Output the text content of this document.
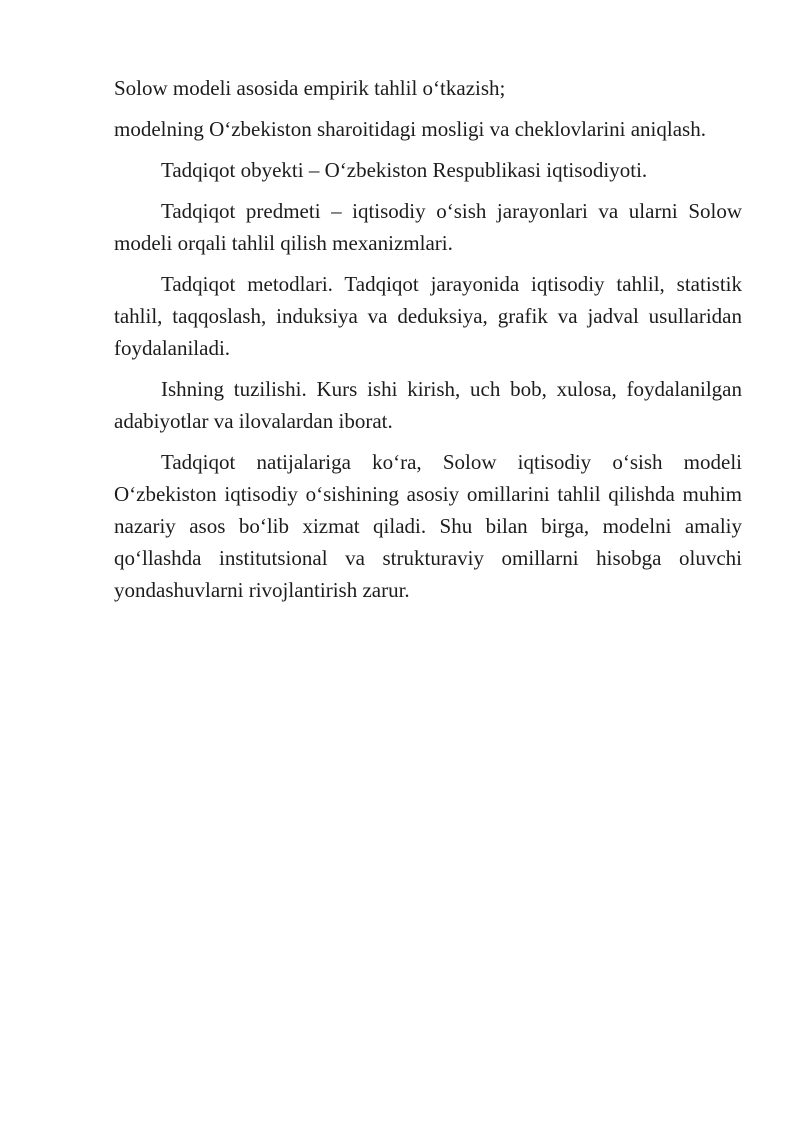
Solow modeli asosida empirik tahlil o‘tkazish;

modelning O‘zbekiston sharoitidagi mosligi va cheklovlarini aniqlash.

Tadqiqot obyekti – O‘zbekiston Respublikasi iqtisodiyoti.

Tadqiqot predmeti – iqtisodiy o‘sish jarayonlari va ularni Solow modeli orqali tahlil qilish mexanizmlari.

Tadqiqot metodlari. Tadqiqot jarayonida iqtisodiy tahlil, statistik tahlil, taqqoslash, induksiya va deduksiya, grafik va jadval usullaridan foydalaniladi.

Ishning tuzilishi. Kurs ishi kirish, uch bob, xulosa, foydalanilgan adabiyotlar va ilovalardan iborat.

Tadqiqot natijalariga ko‘ra, Solow iqtisodiy o‘sish modeli O‘zbekiston iqtisodiy o‘sishining asosiy omillarini tahlil qilishda muhim nazariy asos bo‘lib xizmat qiladi. Shu bilan birga, modelni amaliy qo‘llashda institutsional va strukturaviy omillarni hisobga oluvchi yondashuvlarni rivojlantirish zarur.
